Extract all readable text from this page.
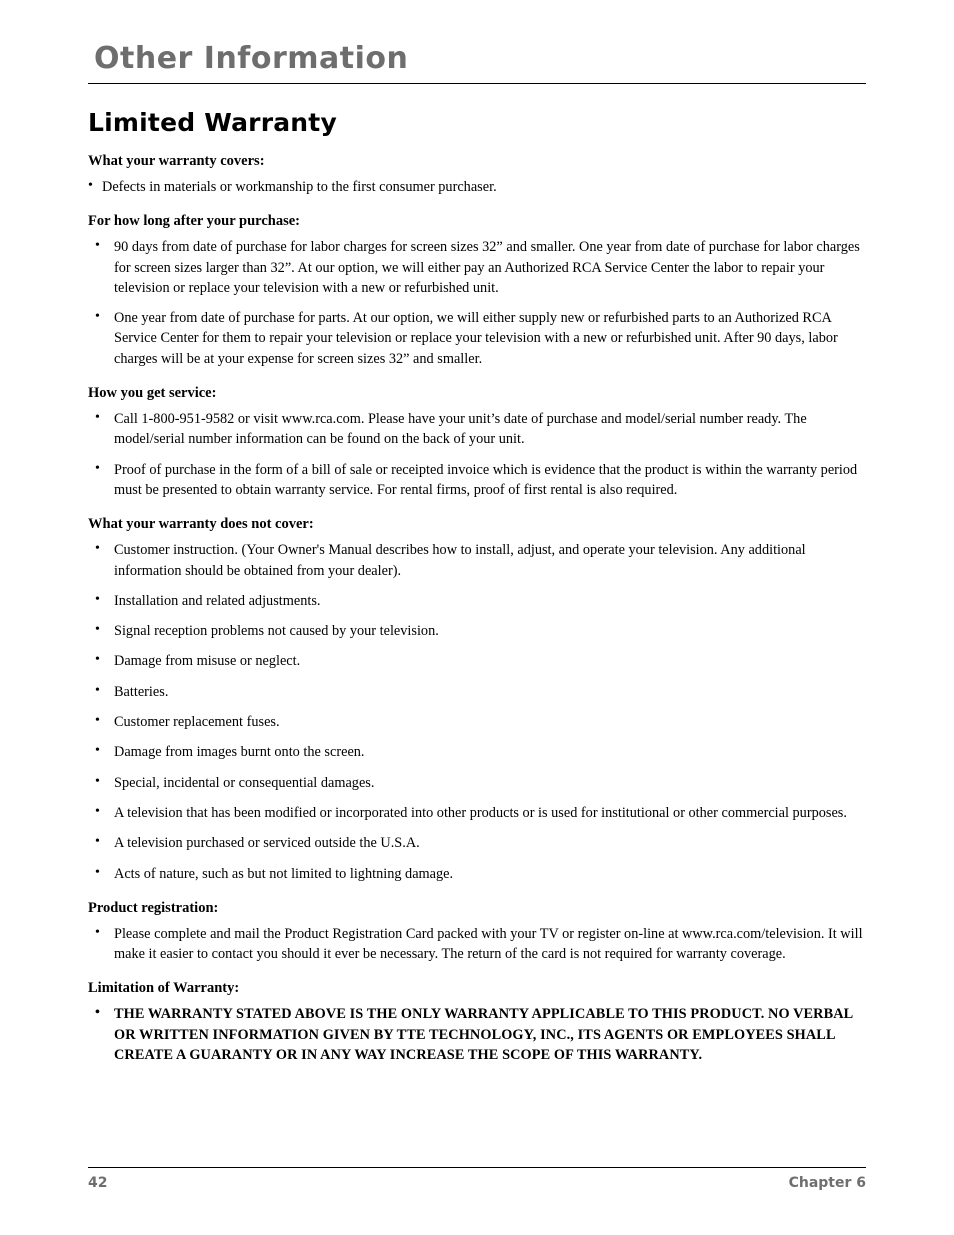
Other Information
Limited Warranty
What your warranty covers:
• Defects in materials or workmanship to the first consumer purchaser.
For how long after your purchase:
• 90 days from date of purchase for labor charges for screen sizes 32” and smaller. One year from date of purchase for labor charges for screen sizes larger than 32”. At our option, we will either pay an Authorized RCA Service Center the labor to repair your television or replace your television with a new or refurbished unit.
• One year from date of purchase for parts. At our option, we will either supply new or refurbished parts to an Authorized RCA Service Center for them to repair your television or replace your television with a new or refurbished unit. After 90 days, labor charges will be at your expense for screen sizes 32” and smaller.
How you get service:
• Call 1-800-951-9582 or visit www.rca.com. Please have your unit’s date of purchase and model/serial number ready. The model/serial number information can be found on the back of your unit.
• Proof of purchase in the form of a bill of sale or receipted invoice which is evidence that the product is within the warranty period must be presented to obtain warranty service. For rental firms, proof of first rental is also required.
What your warranty does not cover:
• Customer instruction. (Your Owner's Manual describes how to install, adjust, and operate your television. Any additional information should be obtained from your dealer).
• Installation and related adjustments.
• Signal reception problems not caused by your television.
• Damage from misuse or neglect.
• Batteries.
• Customer replacement fuses.
• Damage from images burnt onto the screen.
• Special, incidental or consequential damages.
• A television that has been modified or incorporated into other products or is used for institutional or other commercial purposes.
• A television purchased or serviced outside the U.S.A.
• Acts of nature, such as but not limited to lightning damage.
Product registration:
• Please complete and mail the Product Registration Card packed with your TV or register on-line at www.rca.com/television. It will make it easier to contact you should it ever be necessary. The return of the card is not required for warranty coverage.
Limitation of Warranty:
• THE WARRANTY STATED ABOVE IS THE ONLY WARRANTY APPLICABLE TO THIS PRODUCT. NO VERBAL OR WRITTEN INFORMATION GIVEN BY TTE TECHNOLOGY, INC., ITS AGENTS OR EMPLOYEES SHALL CREATE A GUARANTY OR IN ANY WAY INCREASE THE SCOPE OF THIS WARRANTY.
42	Chapter 6
